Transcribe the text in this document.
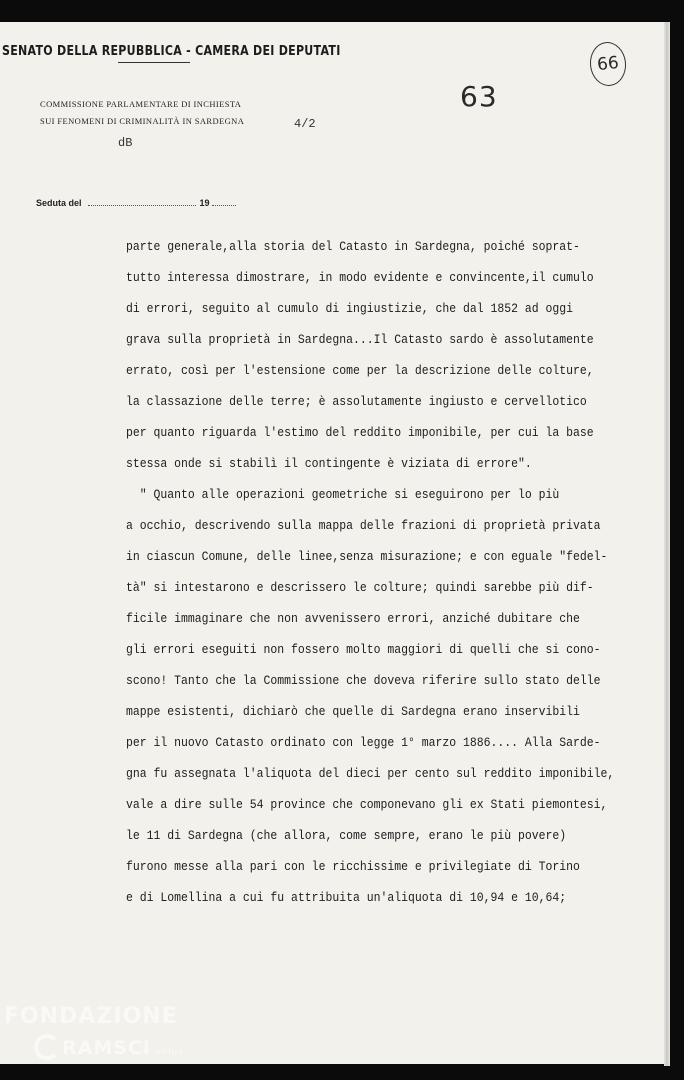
SENATO DELLA REPUBBLICA - CAMERA DEI DEPUTATI
COMMISSIONE PARLAMENTARE DI INCHIESTA
SUI FENOMENI DI CRIMINALITÀ IN SARDEGNA	4/2
dB
63
66
Seduta del	19
parte generale,alla storia del Catasto in Sardegna, poiché soprat-
tutto interessa dimostrare, in modo evidente e convincente,il cumulo
di errori, seguito al cumulo di ingiustizie, che dal 1852 ad oggi
grava sulla proprietà in Sardegna...Il Catasto sardo è assolutamente
errato, così per l'estensione come per la descrizione delle colture,
la classazione delle terre; è assolutamente ingiusto e cervellotico
per quanto riguarda l'estimo del reddito imponibile, per cui la base
stessa onde si stabilì il contingente è viziata di errore".
" Quanto alle operazioni geometriche si eseguirono per lo più
a occhio, descrivendo sulla mappa delle frazioni di proprietà privata
in ciascun Comune, delle linee,senza misurazione; e con eguale "fedel-
tà" si intestarono e descrissero le colture; quindi sarebbe più dif-
ficile immaginare che non avvenissero errori, anziché dubitare che
gli errori eseguiti non fossero molto maggiori di quelli che si cono-
scono! Tanto che la Commissione che doveva riferire sullo stato delle
mappe esistenti, dichiarò che quelle di Sardegna erano inservibili
per il nuovo Catasto ordinato con legge 1° marzo 1886.... Alla Sarde-
gna fu assegnata l'aliquota del dieci per cento sul reddito imponibile,
vale a dire sulle 54 province che componevano gli ex Stati piemontesi,
le 11 di Sardegna (che allora, come sempre, erano le più povere)
furono messe alla pari con le ricchissime e privilegiate di Torino
e di Lomellina a cui fu attribuita un'aliquota di 10,94 e 10,64;
FONDAZIONE
RAMSCI onlus
